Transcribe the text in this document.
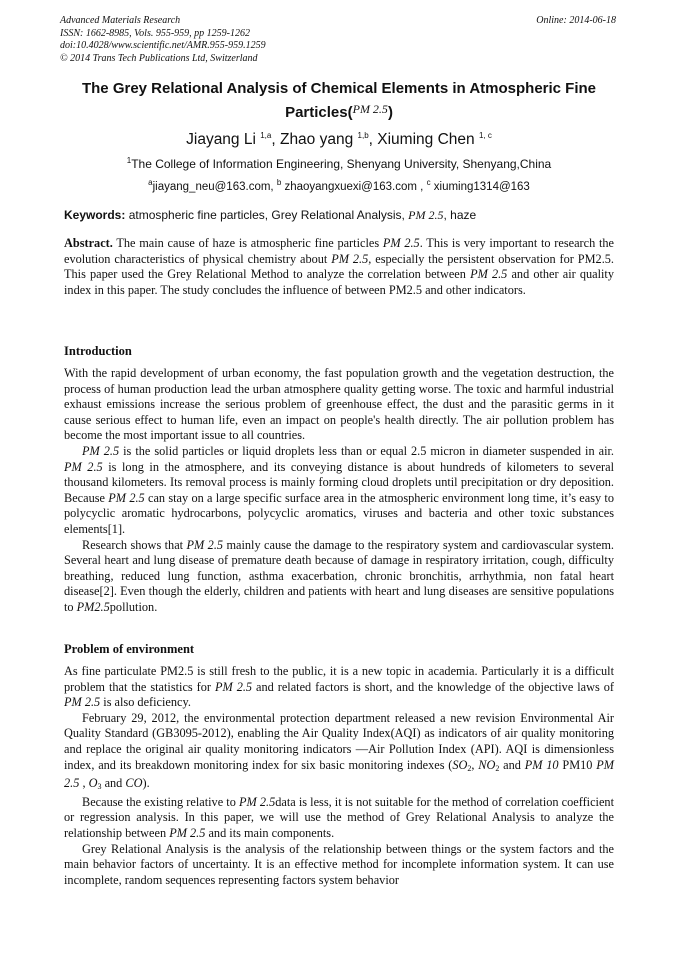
Advanced Materials Research
ISSN: 1662-8985, Vols. 955-959, pp 1259-1262
doi:10.4028/www.scientific.net/AMR.955-959.1259
© 2014 Trans Tech Publications Ltd, Switzerland
Online: 2014-06-18
The Grey Relational Analysis of Chemical Elements in Atmospheric Fine
Particles($^{PM 2.5}$)
Jiayang Li $^{1,a}$, Zhao yang $^{1,b}$, Xiuming Chen $^{1, c}$
$^1$The College of Information Engineering, Shenyang University, Shenyang,China
$^a$jiayang_neu@163.com, $^b$ zhaoyangxuexi@163.com , $^c$ xiuming1314@163
Keywords: atmospheric fine particles, Grey Relational Analysis, PM 2.5, haze
Abstract. The main cause of haze is atmospheric fine particles PM 2.5. This is very important to research the evolution characteristics of physical chemistry about PM 2.5, especially the persistent observation for PM2.5. This paper used the Grey Relational Method to analyze the correlation between PM 2.5 and other air quality index in this paper. The study concludes the influence of between PM2.5 and other indicators.
Introduction
With the rapid development of urban economy, the fast population growth and the vegetation destruction, the process of human production lead the urban atmosphere quality getting worse. The toxic and harmful industrial exhaust emissions increase the serious problem of greenhouse effect, the dust and the parasitic germs in it cause serious effect to human life, even an impact on people's health directly. The air pollution problem has become the most important issue to all countries.
PM 2.5 is the solid particles or liquid droplets less than or equal 2.5 micron in diameter suspended in air. PM 2.5 is long in the atmosphere, and its conveying distance is about hundreds of kilometers to several thousand kilometers. Its removal process is mainly forming cloud droplets until precipitation or dry deposition. Because PM 2.5 can stay on a large specific surface area in the atmospheric environment long time, it’s easy to polycyclic aromatic hydrocarbons, polycyclic aromatics, viruses and bacteria and other toxic substances elements[1].
Research shows that PM 2.5 mainly cause the damage to the respiratory system and cardiovascular system. Several heart and lung disease of premature death because of damage in respiratory irritation, cough, difficulty breathing, reduced lung function, asthma exacerbation, chronic bronchitis, arrhythmia, non fatal heart disease[2]. Even though the elderly, children and patients with heart and lung diseases are sensitive populations to PM2.5pollution.
Problem of environment
As fine particulate PM2.5 is still fresh to the public, it is a new topic in academia. Particularly it is a difficult problem that the statistics for PM 2.5 and related factors is short, and the knowledge of the objective laws of PM 2.5 is also deficiency.
February 29, 2012, the environmental protection department released a new revision Environmental Air Quality Standard (GB3095-2012), enabling the Air Quality Index(AQI) as indicators of air quality monitoring and replace the original air quality monitoring indicators —Air Pollution Index (API). AQI is dimensionless index, and its breakdown monitoring index for six basic monitoring indexes ($SO_2$, $NO_2$ and PM 10 PM10 PM 2.5 , $O_3$ and CO).
Because the existing relative to PM 2.5data is less, it is not suitable for the method of correlation coefficient or regression analysis. In this paper, we will use the method of Grey Relational Analysis to analyze the relationship between PM 2.5 and its main components.
Grey Relational Analysis is the analysis of the relationship between things or the system factors and the main behavior factors of uncertainty. It is an effective method for incomplete information system. It can use incomplete, random sequences representing factors system behavior
